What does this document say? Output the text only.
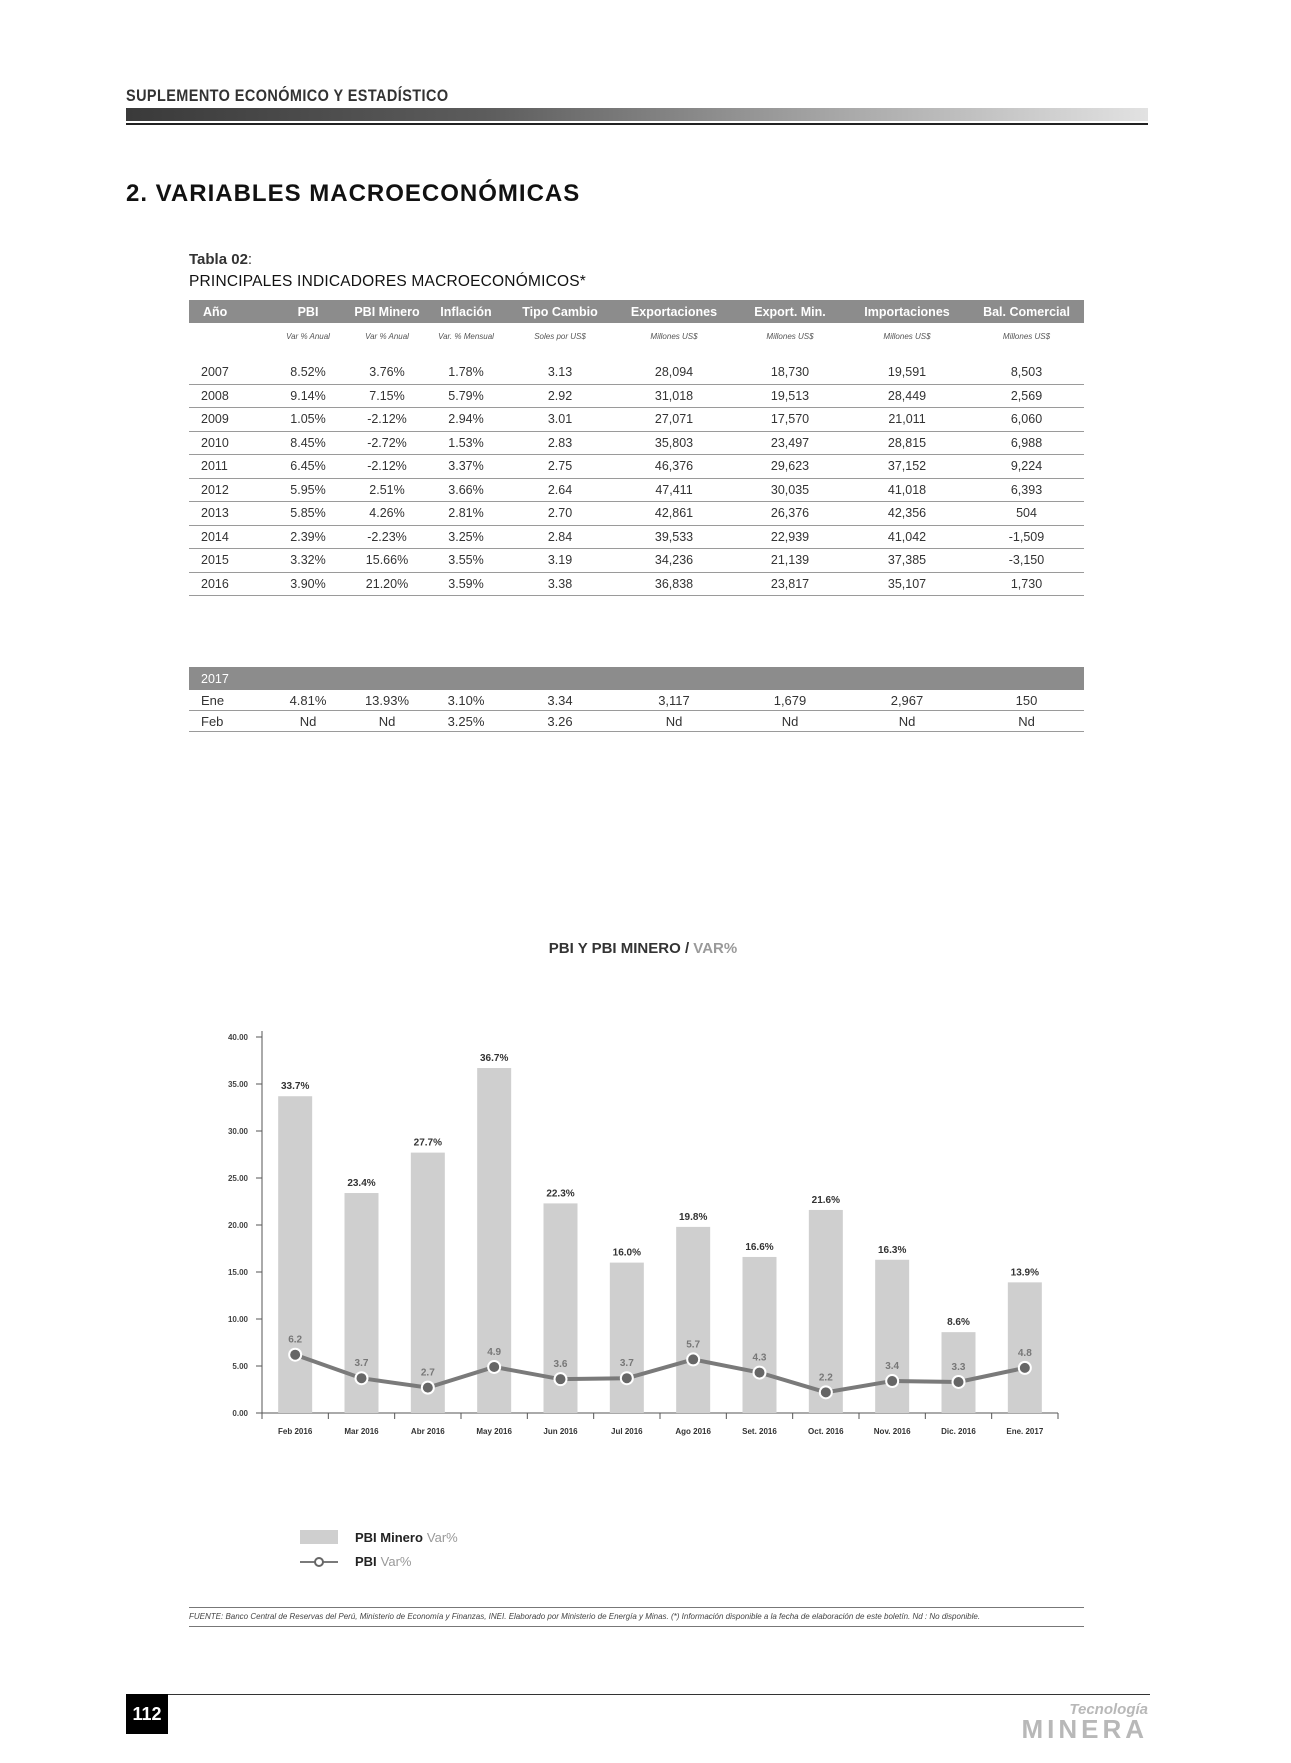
SUPLEMENTO ECONÓMICO Y ESTADÍSTICO
2. VARIABLES MACROECONÓMICAS
Tabla 02:
PRINCIPALES INDICADORES MACROECONÓMICOS*
Año	PBI	PBI Minero	Inflación	Tipo Cambio	Exportaciones	Export. Min.	Importaciones	Bal. Comercial
	Var % Anual	Var % Anual	Var. % Mensual	Soles por US$	Millones US$	Millones US$	Millones US$	Millones US$

2007	8.52%	3.76%	1.78%	3.13	28,094	18,730	19,591	8,503
2008	9.14%	7.15%	5.79%	2.92	31,018	19,513	28,449	2,569
2009	1.05%	-2.12%	2.94%	3.01	27,071	17,570	21,011	6,060
2010	8.45%	-2.72%	1.53%	2.83	35,803	23,497	28,815	6,988
2011	6.45%	-2.12%	3.37%	2.75	46,376	29,623	37,152	9,224
2012	5.95%	2.51%	3.66%	2.64	47,411	30,035	41,018	6,393
2013	5.85%	4.26%	2.81%	2.70	42,861	26,376	42,356	504
2014	2.39%	-2.23%	3.25%	2.84	39,533	22,939	41,042	-1,509
2015	3.32%	15.66%	3.55%	3.19	34,236	21,139	37,385	-3,150
2016	3.90%	21.20%	3.59%	3.38	36,838	23,817	35,107	1,730
2017								
Ene	4.81%	13.93%	3.10%	3.34	3,117	1,679	2,967	150
Feb	Nd	Nd	3.25%	3.26	Nd	Nd	Nd	Nd
PBI Y PBI MINERO / VAR%
0.00
5.00
10.00
15.00
20.00
25.00
30.00
35.00
40.00
33.7%
Feb 2016
23.4%
Mar 2016
27.7%
Abr 2016
36.7%
May 2016
22.3%
Jun 2016
16.0%
Jul 2016
19.8%
Ago 2016
16.6%
Set. 2016
21.6%
Oct. 2016
16.3%
Nov. 2016
8.6%
Dic. 2016
13.9%
Ene. 2017
6.2
3.7
2.7
4.9
3.6	3.7
5.7
4.3
2.2
3.4	3.3
4.8
PBI Minero Var%
PBI Var%
FUENTE: Banco Central de Reservas del Perú, Ministerio de Economía y Finanzas, INEI. Elaborado por Ministerio de Energía y Minas. (*) Información disponible a la fecha de elaboración de este boletín. Nd : No disponible.
112	Tecnología
MINERA
